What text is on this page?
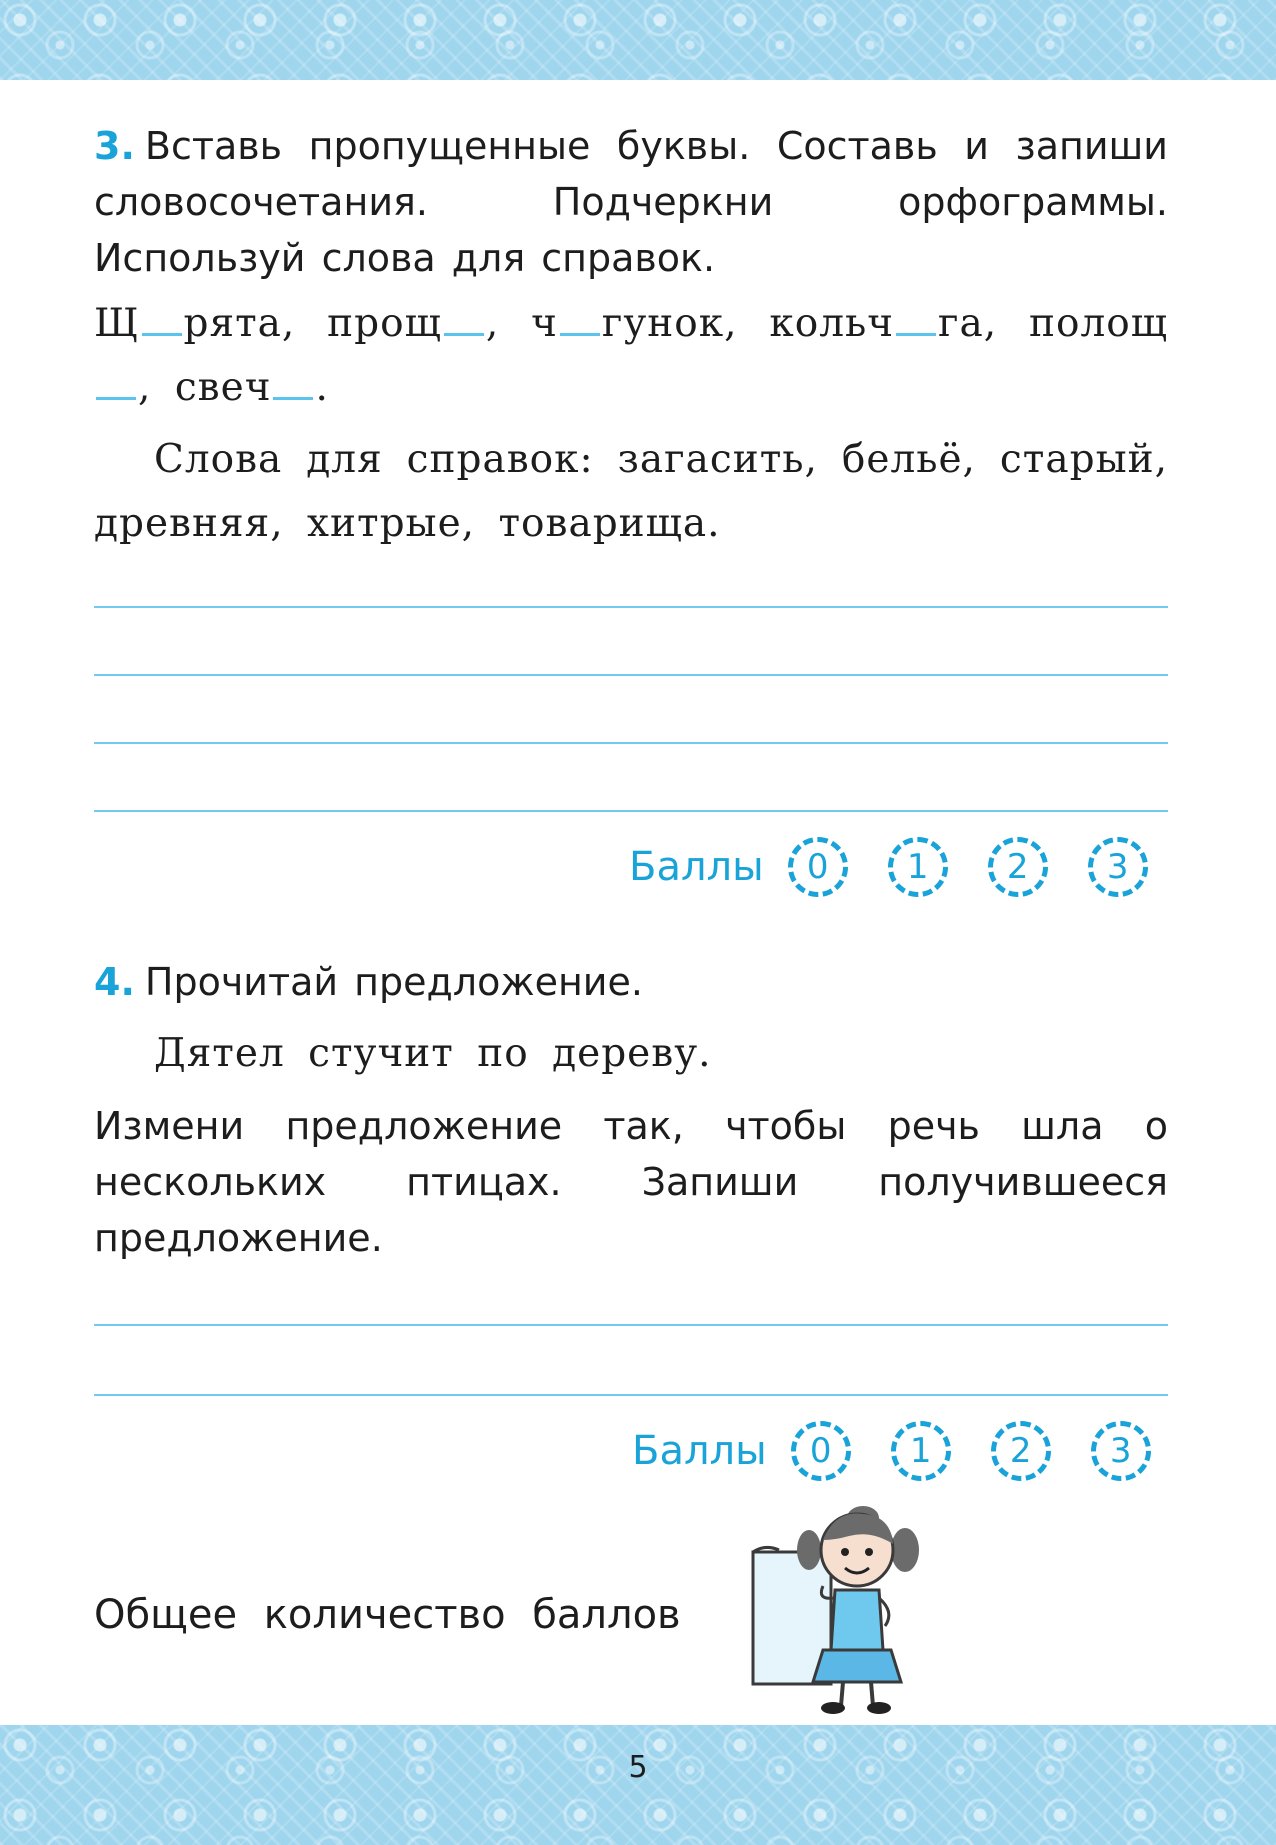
3. Вставь пропущенные буквы. Составь и запиши словосочетания. Подчеркни орфограммы. Используй слова для справок.

Щ рята, прощ , ч гунок, кольч га, полощ, свеч .

Слова для справок: загасить, бельё, старый, древняя, хитрые, товарища.

Баллы	0	1	2	3

4. Прочитай предложение.

Дятел стучит по дереву.

Измени предложение так, чтобы речь шла о нескольких птицах. Запиши получившееся предложение.

Баллы	0	1	2	3

Общее количество баллов

5
